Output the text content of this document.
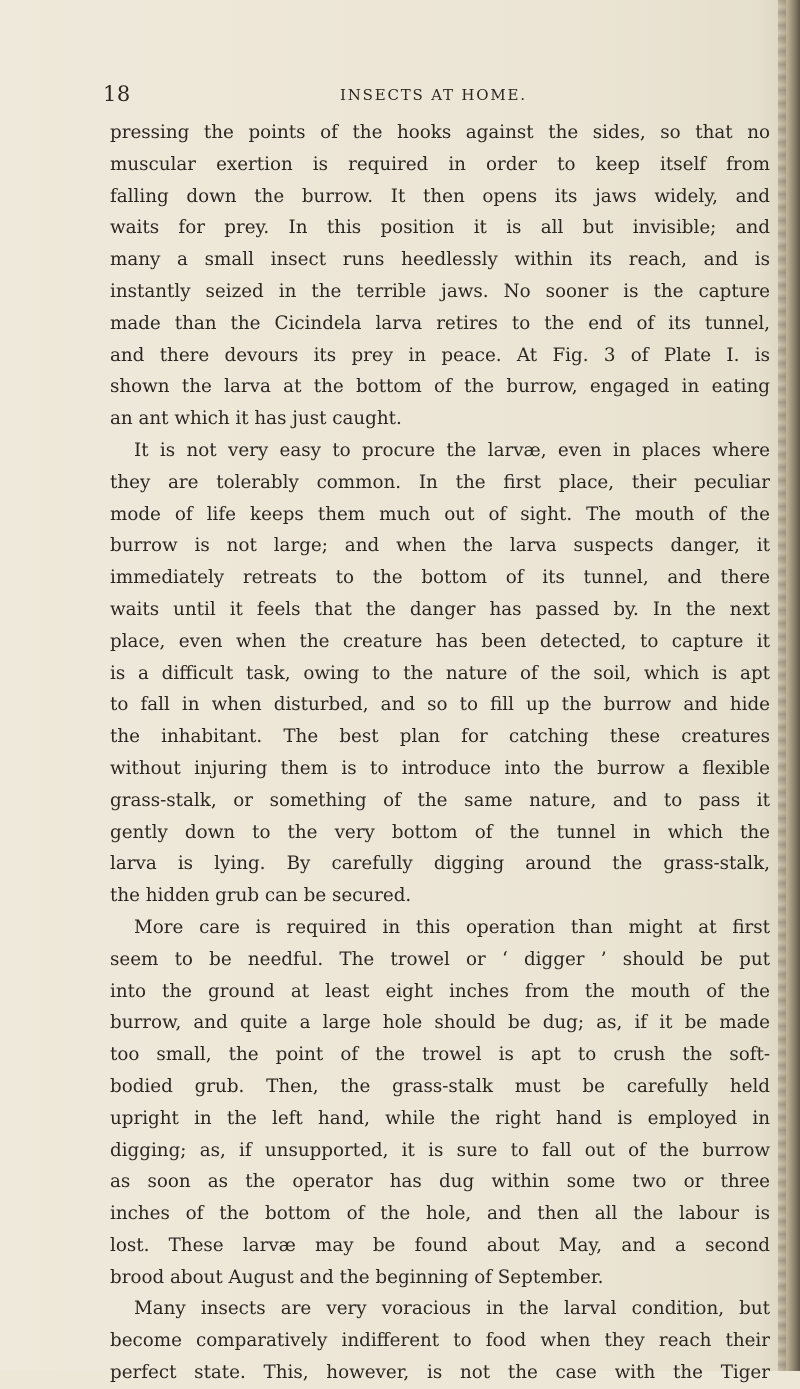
18	INSECTS AT HOME.
pressing the points of the hooks against the sides, so that no
muscular exertion is required in order to keep itself from
falling down the burrow. It then opens its jaws widely, and
waits for prey. In this position it is all but invisible; and
many a small insect runs heedlessly within its reach, and is
instantly seized in the terrible jaws. No sooner is the capture
made than the Cicindela larva retires to the end of its tunnel,
and there devours its prey in peace. At Fig. 3 of Plate I. is
shown the larva at the bottom of the burrow, engaged in eating
an ant which it has just caught.
It is not very easy to procure the larvæ, even in places where
they are tolerably common. In the first place, their peculiar
mode of life keeps them much out of sight. The mouth of the
burrow is not large; and when the larva suspects danger, it
immediately retreats to the bottom of its tunnel, and there
waits until it feels that the danger has passed by. In the next
place, even when the creature has been detected, to capture it
is a difficult task, owing to the nature of the soil, which is apt
to fall in when disturbed, and so to fill up the burrow and hide
the inhabitant. The best plan for catching these creatures
without injuring them is to introduce into the burrow a flexible
grass-stalk, or something of the same nature, and to pass it
gently down to the very bottom of the tunnel in which the
larva is lying. By carefully digging around the grass-stalk,
the hidden grub can be secured.
More care is required in this operation than might at first
seem to be needful. The trowel or ‘ digger ’ should be put
into the ground at least eight inches from the mouth of the
burrow, and quite a large hole should be dug; as, if it be made
too small, the point of the trowel is apt to crush the soft-
bodied grub. Then, the grass-stalk must be carefully held
upright in the left hand, while the right hand is employed in
digging; as, if unsupported, it is sure to fall out of the burrow
as soon as the operator has dug within some two or three
inches of the bottom of the hole, and then all the labour is
lost. These larvæ may be found about May, and a second
brood about August and the beginning of September.
Many insects are very voracious in the larval condition, but
become comparatively indifferent to food when they reach their
perfect state. This, however, is not the case with the Tiger
